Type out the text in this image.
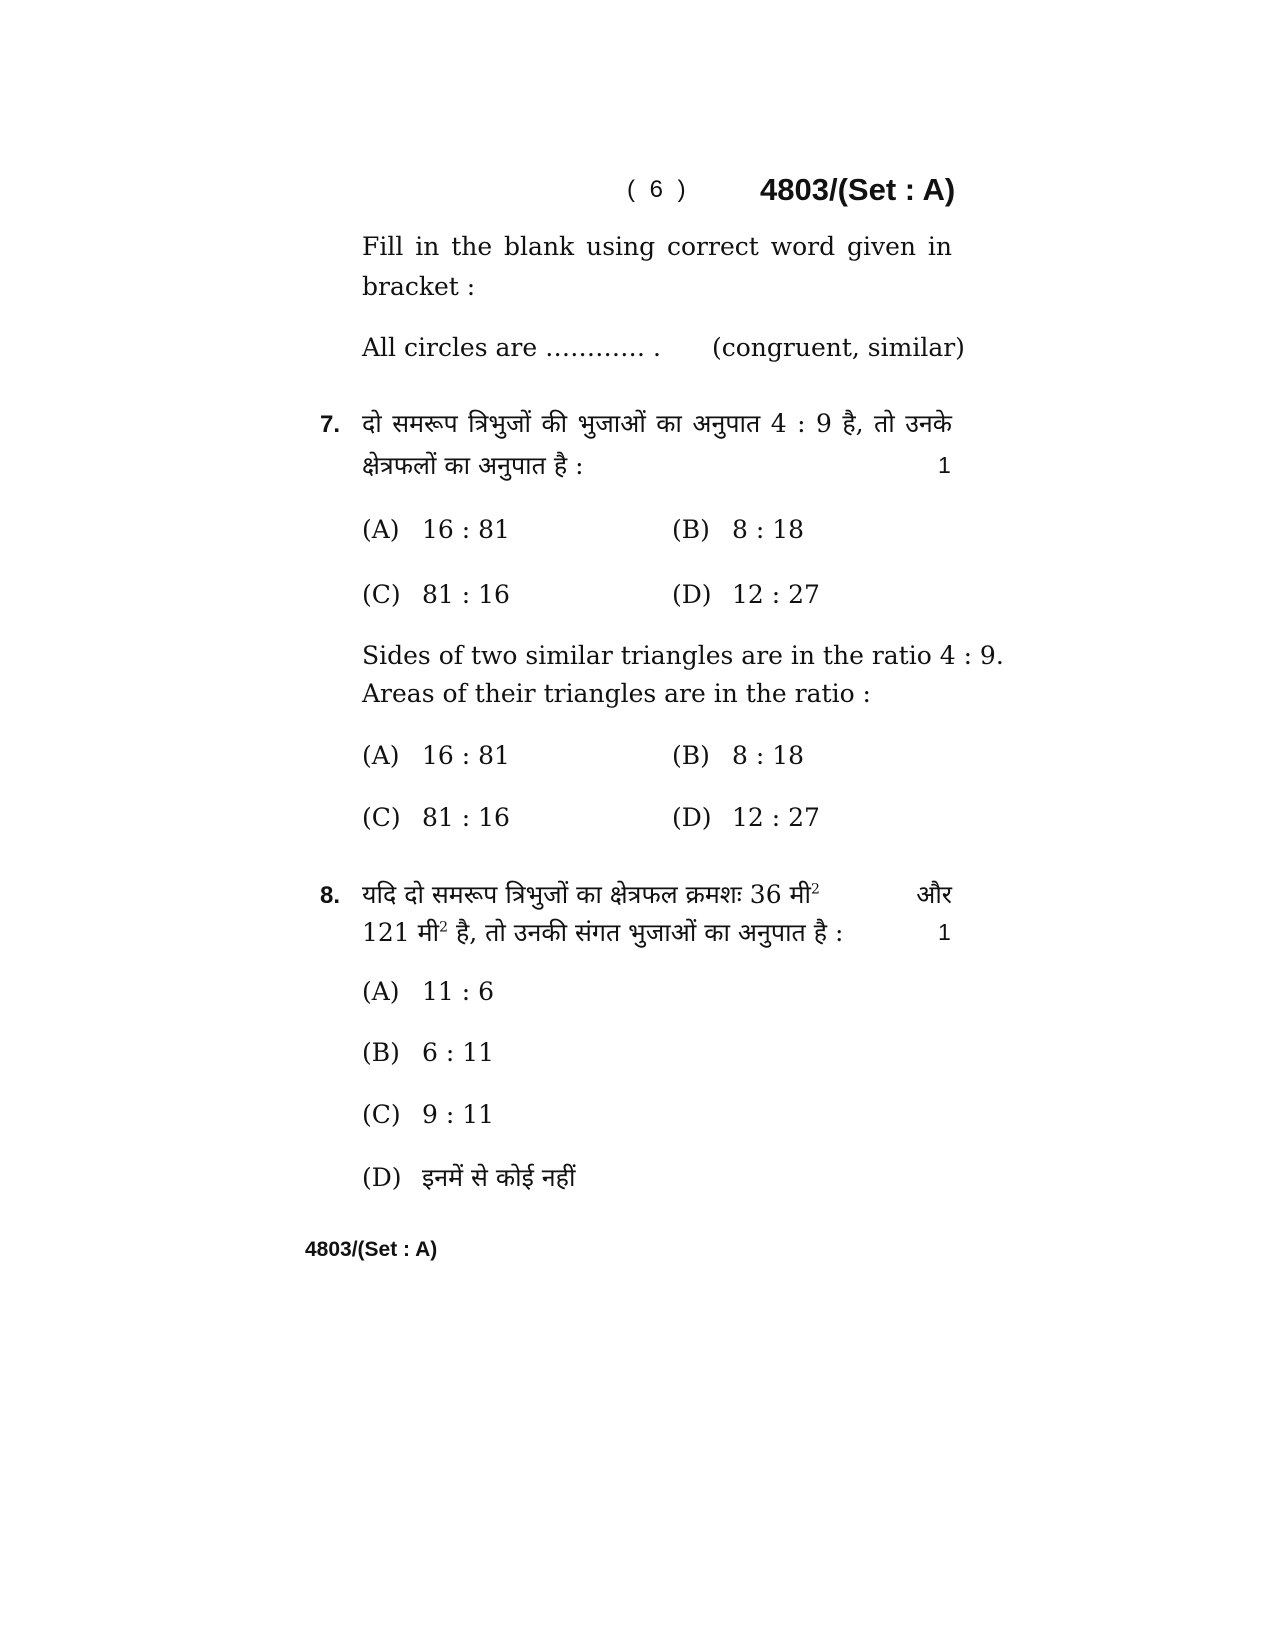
( 6 ) 4803/(Set : A)
Fill in the blank using correct word given in
bracket :
All circles are ………… . (congruent, similar)
7. दो समरूप त्रिभुजों की भुजाओं का अनुपात 4 : 9 है, तो उनके
क्षेत्रफलों का अनुपात है :	1
(A) 16 : 81	(B) 8 : 18
(C) 81 : 16	(D) 12 : 27
Sides of two similar triangles are in the ratio 4 : 9.
Areas of their triangles are in the ratio :
(A) 16 : 81	(B) 8 : 18
(C) 81 : 16	(D) 12 : 27
8. यदि दो समरूप त्रिभुजों का क्षेत्रफल क्रमशः 36 मी$^2$	और
121 मी$^2$ है, तो उनकी संगत भुजाओं का अनुपात है :	1
(A) 11 : 6
(B) 6 : 11
(C) 9 : 11
(D) इनमें से कोई नहीं
4803/(Set : A)
